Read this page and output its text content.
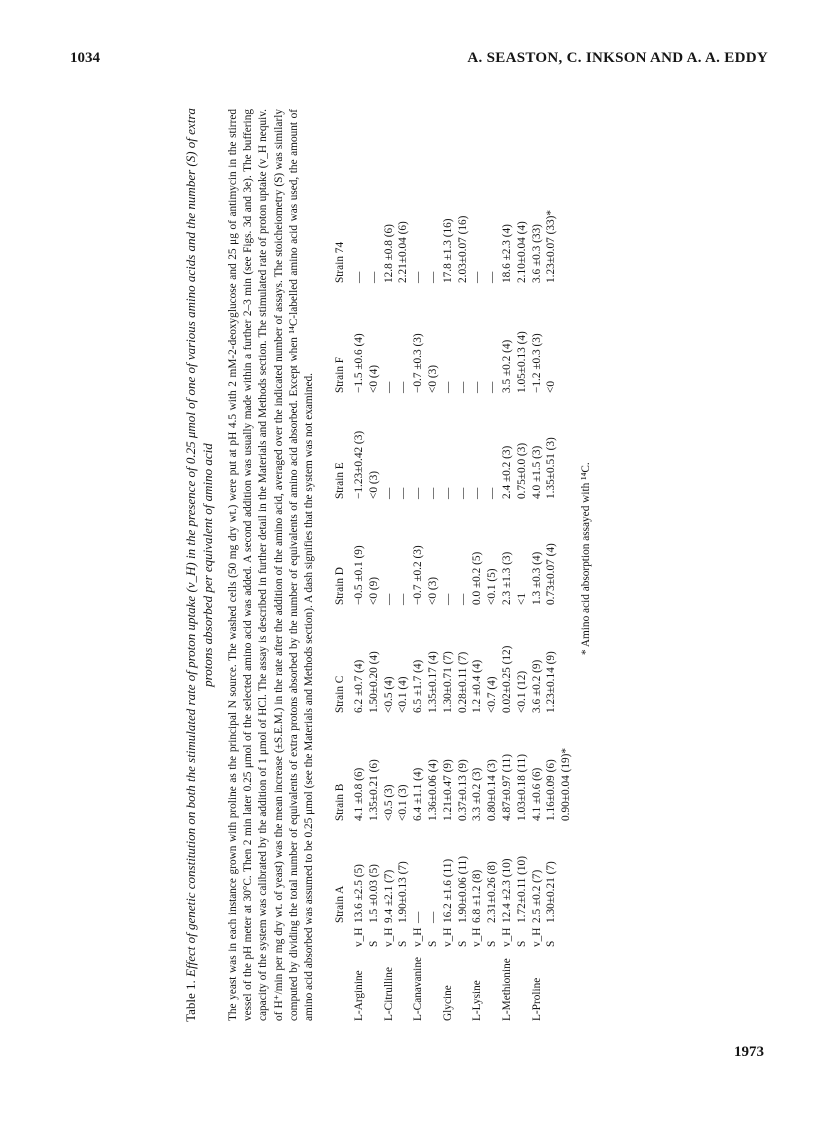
1034	A. SEASTON, C. INKSON AND A. A. EDDY
Table 1. Effect of genetic constitution on both the stimulated rate of proton uptake (v_H) in the presence of 0.25 μmol of one of various amino acids and the number (S) of extra protons absorbed per equivalent of amino acid The yeast was in each instance grown with proline as the principal N source. The washed cells (50 mg dry wt.) were put at pH 4.5 with 2 mM-2-deoxyglucose and 25 μg of antimycin in the stirred vessel of the pH meter at 30°C. Then 2 min later 0.25 μmol of the selected amino acid was added. A second addition was usually made within a further 2–3 min (see Figs. 3d and 3e). The buffering capacity of the system was calibrated by the addition of 1 μmol of HCl. The assay is described in further detail in the Materials and Methods section. The stimulated rate of proton uptake (v_H nequiv. of H⁺/min per mg dry wt. of yeast) was the mean increase (±S.E.M.) in the rate after the addition of the amino acid, averaged over the indicated number of assays. The stoicheiometry (S) was similarly computed by dividing the total number of equivalents of extra protons absorbed by the number of equivalents of amino acid absorbed. Except when ¹⁴C-labelled amino acid was used, the amount of amino acid absorbed was assumed to be 0.25 μmol (see the Materials and Methods section). A dash signifies that the system was not examined.
		Strain A	Strain B	Strain C	Strain D	Strain E	Strain F	Strain 74
L-Arginine	v_H	13.6 ±2.5 (5)	4.1 ±0.8 (6)	6.2 ±0.7 (4)	−0.5 ±0.1 (9)	−1.23±0.42 (3)	−1.5 ±0.6 (4)	—
	S	1.5 ±0.03 (5)	1.35±0.21 (6)	1.50±0.20 (4)	<0 (9)	<0 (3)	<0 (4)	—
L-Citrulline	v_H	9.4 ±2.1 (7)	<0.5 (3)	<0.5 (4)	—	—	—	12.8 ±0.8 (6)
	S	1.90±0.13 (7)	<0.1 (3)	<0.1 (4)	—	—	—	2.21±0.04 (6)
L-Canavanine	v_H	—	6.4 ±1.1 (4)	6.5 ±1.7 (4)	−0.7 ±0.2 (3)	—	−0.7 ±0.3 (3)	—
	S	—	1.36±0.06 (4)	1.35±0.17 (4)	<0 (3)	—	<0 (3)	—
Glycine	v_H	16.2 ±1.6 (11)	1.21±0.47 (9)	1.30±0.71 (7)	—	—	—	17.8 ±1.3 (16)
	S	1.90±0.06 (11)	0.37±0.13 (9)	0.28±0.11 (7)	—	—	—	2.03±0.07 (16)
L-Lysine	v_H	6.8 ±1.2 (8)	3.3 ±0.2 (3)	1.2 ±0.4 (4)	0.0 ±0.2 (5)	—	—	—
	S	2.31±0.26 (8)	0.80±0.14 (3)	<0.7 (4)	<0.1 (5)	—	—	—
L-Methionine	v_H	12.4 ±2.3 (10)	4.87±0.97 (11)	0.02±0.25 (12)	2.3 ±1.3 (3)	2.4 ±0.2 (3)	3.5 ±0.2 (4)	18.6 ±2.3 (4)
	S	1.72±0.11 (10)	1.03±0.18 (11)	<0.1 (12)	<1	0.75±0.0 (3)	1.05±0.13 (4)	2.10±0.04 (4)
L-Proline	v_H	2.5 ±0.2 (7)	4.1 ±0.6 (6)	3.6 ±0.2 (9)	1.3 ±0.3 (4)	4.0 ±1.5 (3)	−1.2 ±0.3 (3)	3.6 ±0.3 (33)
	S	1.30±0.21 (7)	1.16±0.09 (6)	1.23±0.14 (9)	0.73±0.07 (4)	1.35±0.51 (3)	<0	1.23±0.07 (33)*
			0.90±0.04 (19)*					
* Amino acid absorption assayed with ¹⁴C.
1973
